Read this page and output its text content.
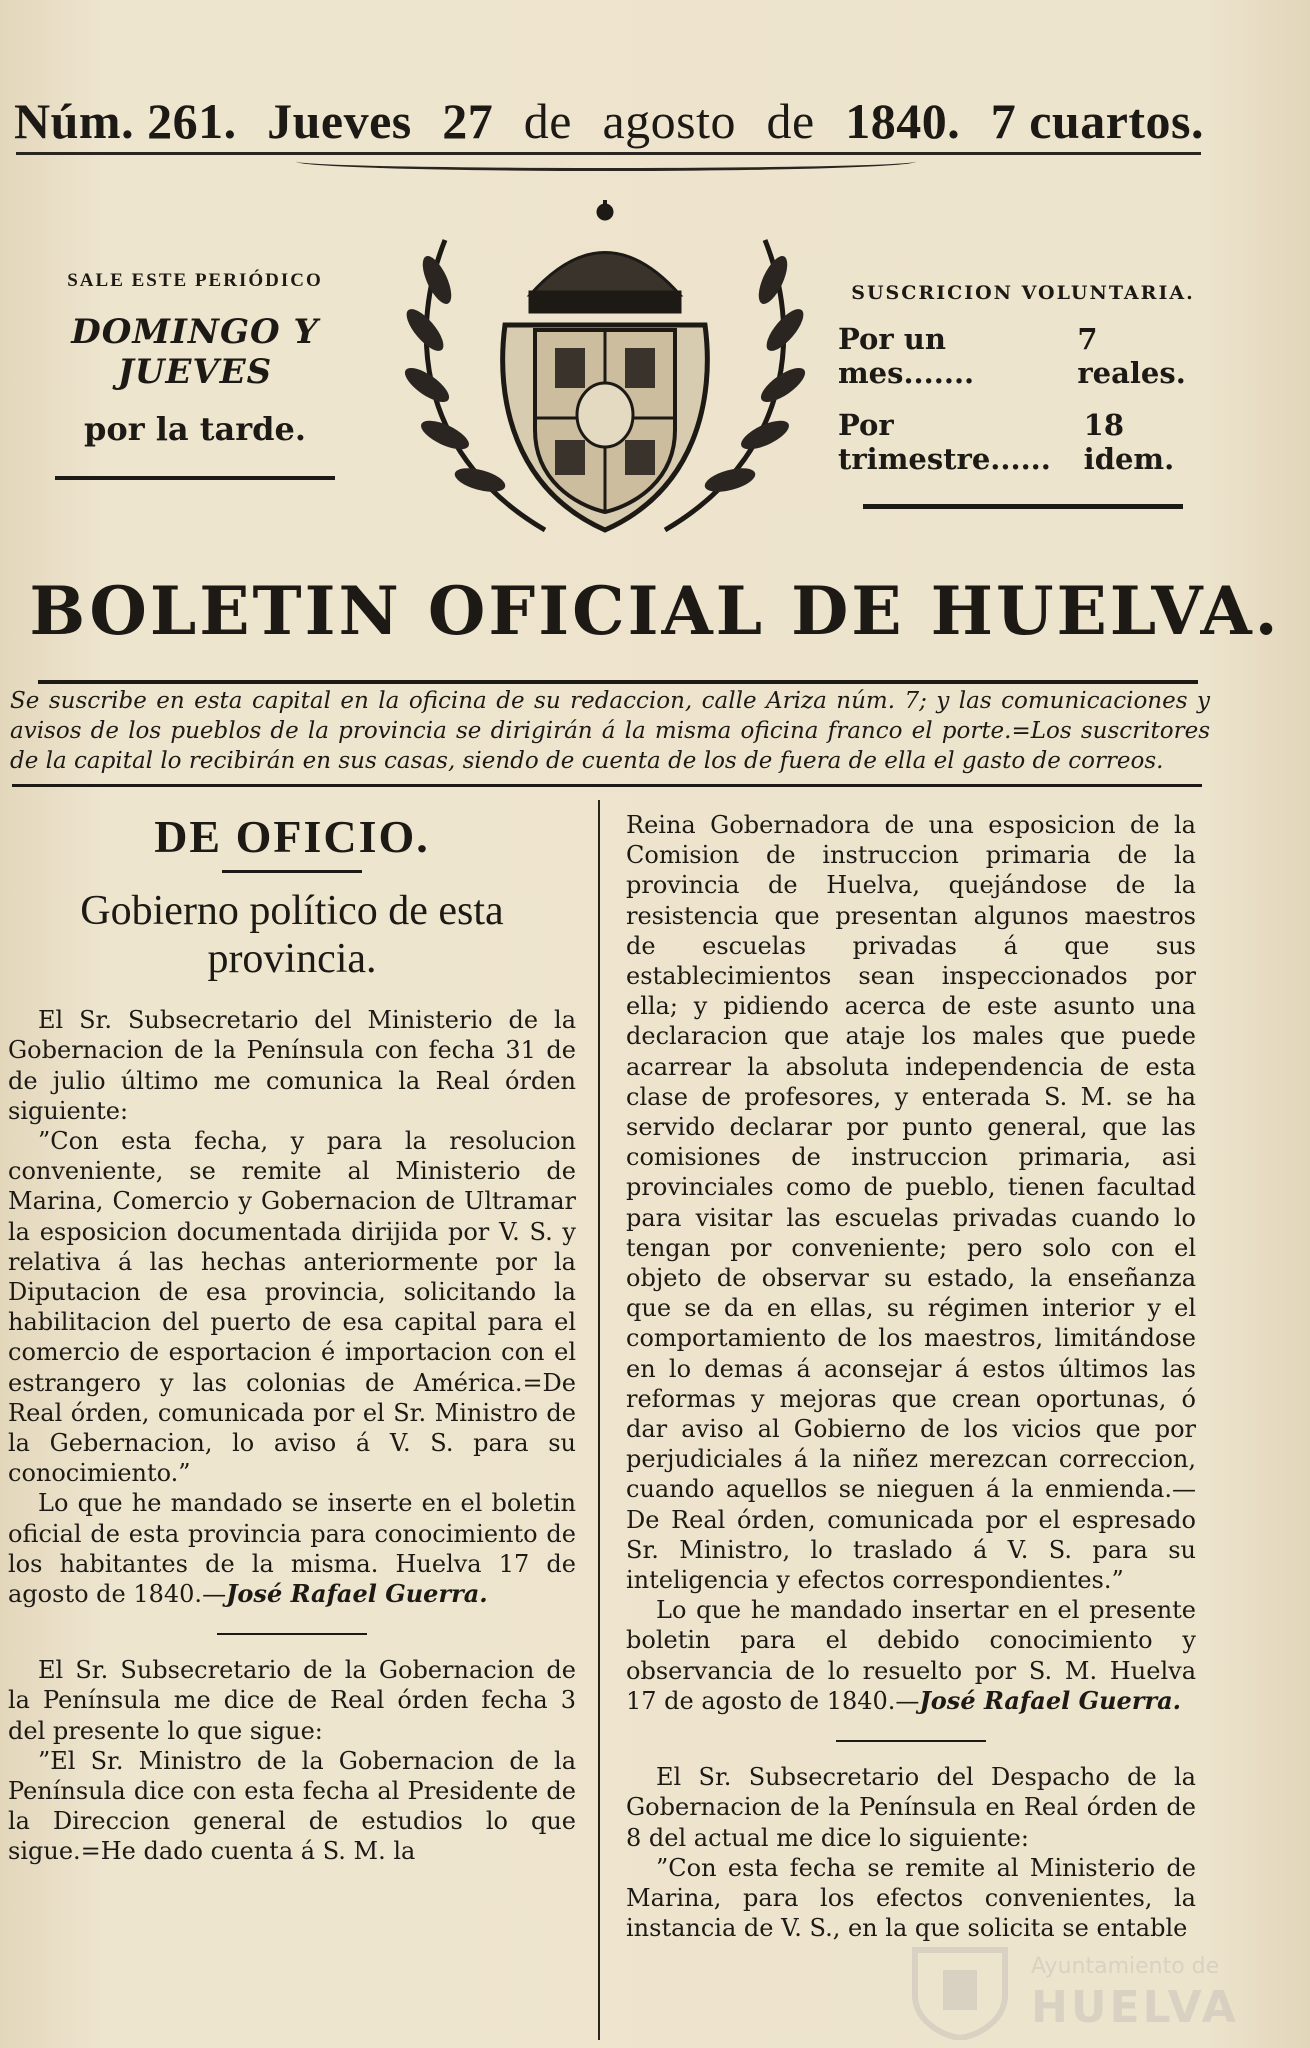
Núm. 261. Jueves 27 de agosto de 1840. 7 cuartos.
SALE ESTE PERIÓDICO
DOMINGO Y JUEVES
por la tarde.
SUSCRICION VOLUNTARIA.
Por un mes.......
7 reales.
Por trimestre......
18 idem.
BOLETIN OFICIAL DE HUELVA.
Se suscribe en esta capital en la oficina de su redaccion, calle Ariza núm. 7; y las comunicaciones y avisos de los pueblos de la provincia se dirigirán á la misma oficina franco el porte.=Los suscritores de la capital lo recibirán en sus casas, siendo de cuenta de los de fuera de ella el gasto de correos.
DE OFICIO.
Gobierno político de esta provincia.

El Sr. Subsecretario del Ministerio de la Gobernacion de la Península con fecha 31 de de julio último me comunica la Real órden siguiente:

”Con esta fecha, y para la resolucion conveniente, se remite al Ministerio de Marina, Comercio y Gobernacion de Ultramar la esposicion documentada dirijida por V. S. y relativa á las hechas anteriormente por la Diputacion de esa provincia, solicitando la habilitacion del puerto de esa capital para el comercio de esportacion é importacion con el estrangero y las colonias de América.=De Real órden, comunicada por el Sr. Ministro de la Gebernacion, lo aviso á V. S. para su conocimiento.”

Lo que he mandado se inserte en el boletin oficial de esta provincia para conocimiento de los habitantes de la misma. Huelva 17 de agosto de 1840.—José Rafael Guerra.

El Sr. Subsecretario de la Gobernacion de la Península me dice de Real órden fecha 3 del presente lo que sigue:

”El Sr. Ministro de la Gobernacion de la Península dice con esta fecha al Presidente de la Direccion general de estudios lo que sigue.=He dado cuenta á S. M. la

Reina Gobernadora de una esposicion de la Comision de instruccion primaria de la provincia de Huelva, quejándose de la resistencia que presentan algunos maestros de escuelas privadas á que sus establecimientos sean inspeccionados por ella; y pidiendo acerca de este asunto una declaracion que ataje los males que puede acarrear la absoluta independencia de esta clase de profesores, y enterada S. M. se ha servido declarar por punto general, que las comisiones de instruccion primaria, asi provinciales como de pueblo, tienen facultad para visitar las escuelas privadas cuando lo tengan por conveniente; pero solo con el objeto de observar su estado, la enseñanza que se da en ellas, su régimen interior y el comportamiento de los maestros, limitándose en lo demas á aconsejar á estos últimos las reformas y mejoras que crean oportunas, ó dar aviso al Gobierno de los vicios que por perjudiciales á la niñez merezcan correccion, cuando aquellos se nieguen á la enmienda.—De Real órden, comunicada por el espresado Sr. Ministro, lo traslado á V. S. para su inteligencia y efectos correspondientes.”

Lo que he mandado insertar en el presente boletin para el debido conocimiento y observancia de lo resuelto por S. M. Huelva 17 de agosto de 1840.—José Rafael Guerra.

El Sr. Subsecretario del Despacho de la Gobernacion de la Península en Real órden de 8 del actual me dice lo siguiente:

”Con esta fecha se remite al Ministerio de Marina, para los efectos convenientes, la instancia de V. S., en la que solicita se entable

Ayuntamiento de
HUELVA
